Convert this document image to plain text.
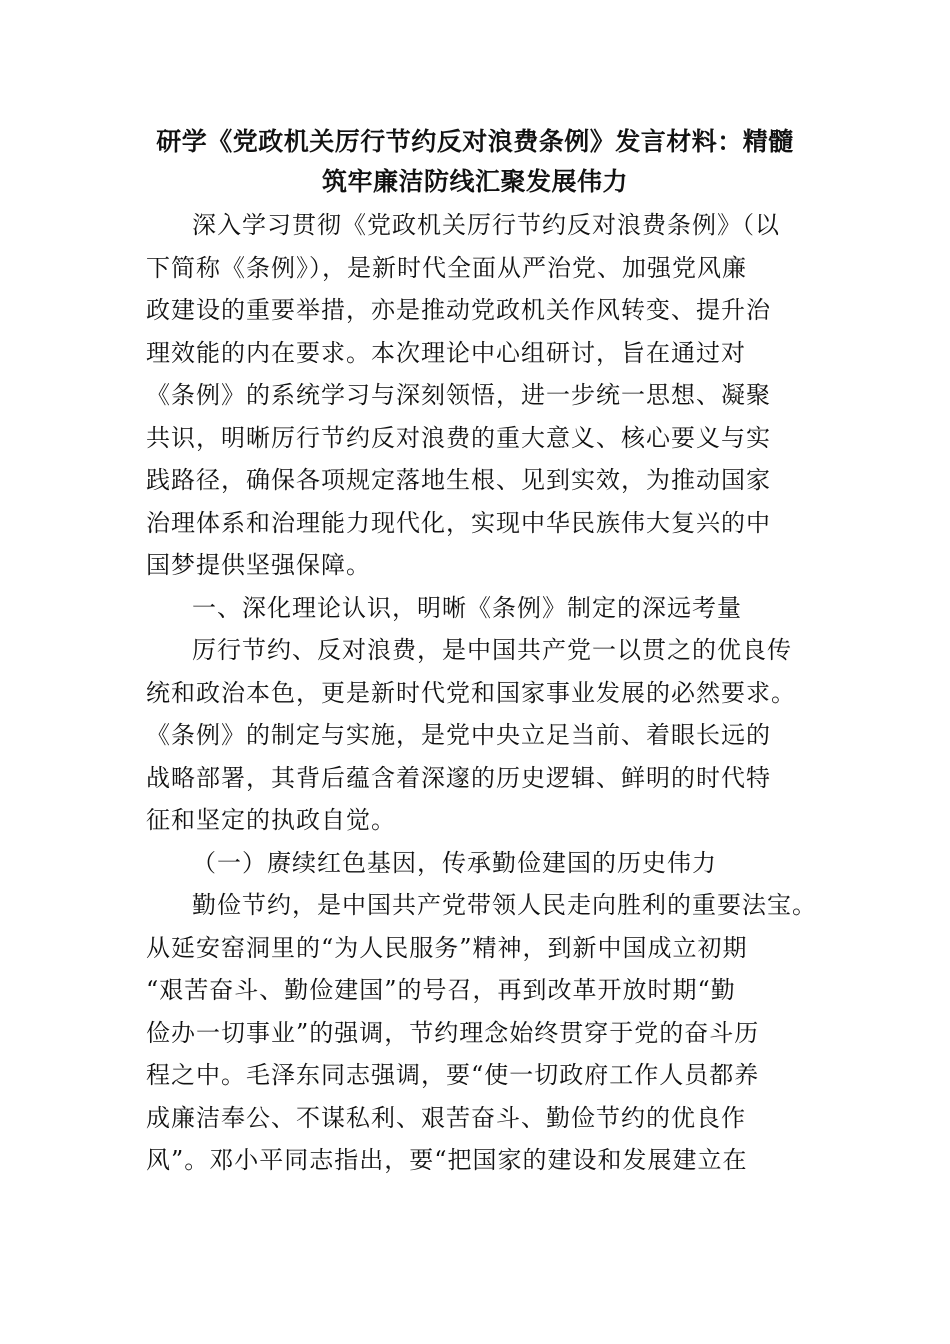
研学《党政机关厉行节约反对浪费条例》发言材料：精髓
筑牢廉洁防线汇聚发展伟力
深入学习贯彻《党政机关厉行节约反对浪费条例》（以
下简称《条例》），是新时代全面从严治党、加强党风廉
政建设的重要举措，亦是推动党政机关作风转变、提升治
理效能的内在要求。本次理论中心组研讨，旨在通过对
《条例》的系统学习与深刻领悟，进一步统一思想、凝聚
共识，明晰厉行节约反对浪费的重大意义、核心要义与实
践路径，确保各项规定落地生根、见到实效，为推动国家
治理体系和治理能力现代化，实现中华民族伟大复兴的中
国梦提供坚强保障。
一、深化理论认识，明晰《条例》制定的深远考量
厉行节约、反对浪费，是中国共产党一以贯之的优良传
统和政治本色，更是新时代党和国家事业发展的必然要求。
《条例》的制定与实施，是党中央立足当前、着眼长远的
战略部署，其背后蕴含着深邃的历史逻辑、鲜明的时代特
征和坚定的执政自觉。
（一）赓续红色基因，传承勤俭建国的历史伟力
勤俭节约，是中国共产党带领人民走向胜利的重要法宝。
从延安窑洞里的“为人民服务”精神，到新中国成立初期
“艰苦奋斗、勤俭建国”的号召，再到改革开放时期“勤
俭办一切事业”的强调，节约理念始终贯穿于党的奋斗历
程之中。毛泽东同志强调，要“使一切政府工作人员都养
成廉洁奉公、不谋私利、艰苦奋斗、勤俭节约的优良作
风”。邓小平同志指出，要“把国家的建设和发展建立在
